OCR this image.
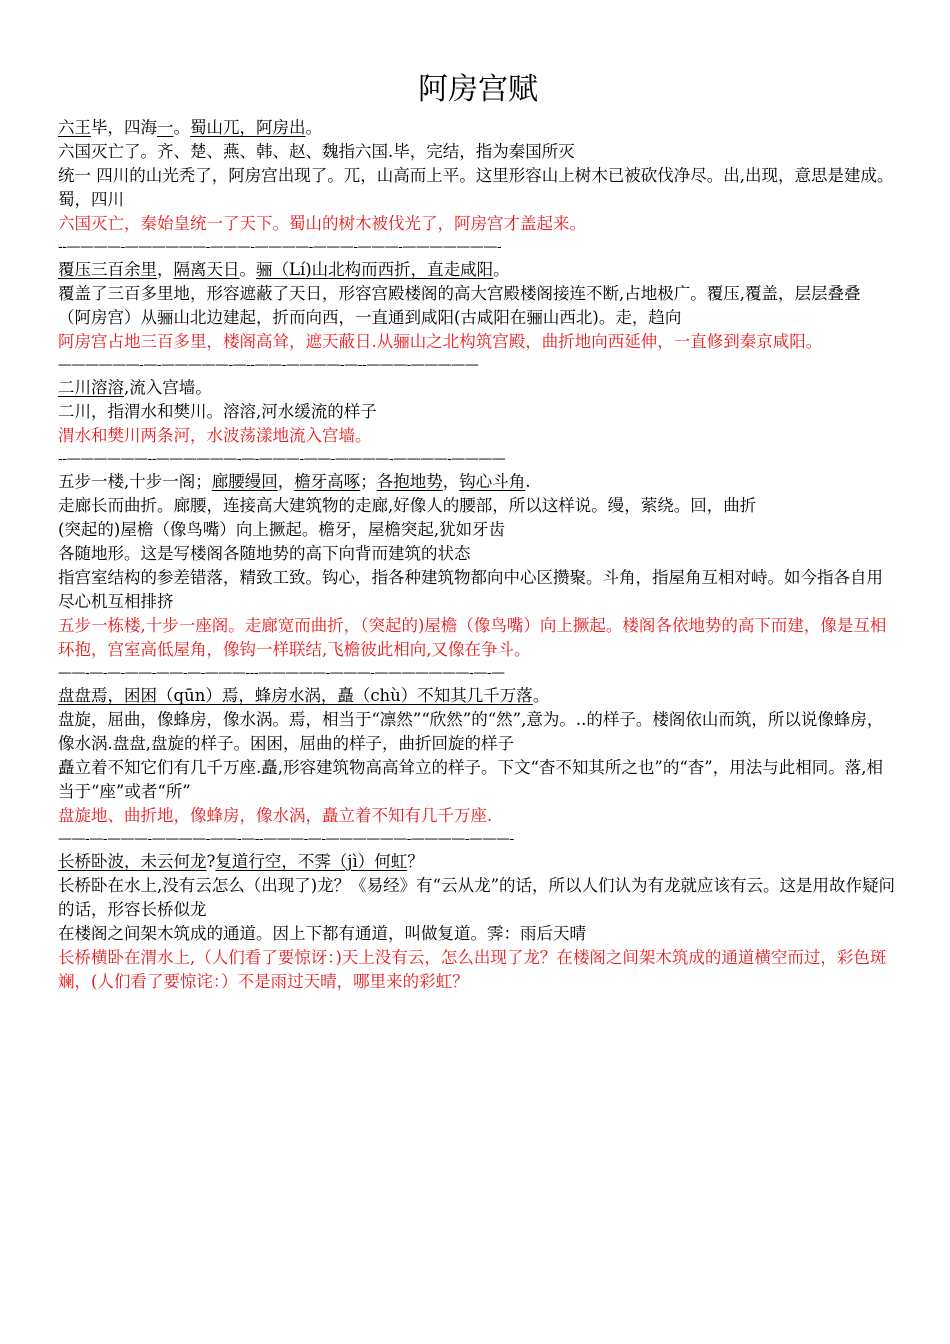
阿房宫赋
六王毕，四海一。蜀山兀，阿房出。
六国灭亡了。齐、楚、燕、韩、赵、魏指六国.毕，完结，指为秦国所灭
统一 四川的山光秃了，阿房宫出现了。兀，山高而上平。这里形容山上树木已被砍伐净尽。出,出现，意思是建成。蜀，四川
六国灭亡，秦始皇统一了天下。蜀山的树木被伐光了，阿房宫才盖起来。
--————-——————-———-————-———-———-———————-
覆压三百余里，隔离天日。骊（Lí)山北构而西折，直走咸阳。
覆盖了三百多里地，形容遮蔽了天日，形容宫殿楼阁的高大宫殿楼阁接连不断,占地极广。覆压,覆盖，层层叠叠
（阿房宫）从骊山北边建起，折而向西，一直通到咸阳(古咸阳在骊山西北)。走，趋向
阿房宫占地三百多里，楼阁高耸，遮天蔽日.从骊山之北构筑宫殿，曲折地向西延伸，一直修到秦京咸阳。
——————-—-—————-—--——-————-—--———-—————
二川溶溶,流入宫墙。
二川，指渭水和樊川。溶溶,河水缓流的样子
渭水和樊川两条河，水波荡漾地流入宫墙。
--——————--——————-—-———-——-————-————-————
五步一楼,十步一阁；廊腰缦回，檐牙高啄；各抱地势，钩心斗角.
走廊长而曲折。廊腰，连接高大建筑物的走廊,好像人的腰部，所以这样说。缦，萦绕。回，曲折
(突起的)屋檐（像鸟嘴）向上撅起。檐牙，屋檐突起,犹如牙齿
各随地形。这是写楼阁各随地势的高下向背而建筑的状态
指宫室结构的参差错落，精致工致。钩心，指各种建筑物都向中心区攒聚。斗角，指屋角互相对峙。如今指各自用尽心机互相排挤
五步一栋楼,十步一座阁。走廊宽而曲折，（突起的)屋檐（像鸟嘴）向上撅起。楼阁各依地势的高下而建，像是互相环抱，宫室高低屋角，像钩一样联结,飞檐彼此相向,又像在争斗。
——-—-—-——-——-—-———---—————-———-———————-—-—
盘盘焉，困困（qūn）焉，蜂房水涡，矗（chù）不知其几千万落。
盘旋，屈曲，像蜂房，像水涡。焉，相当于“凛然”“欣然”的“然”,意为。..的样子。楼阁依山而筑，所以说像蜂房，像水涡.盘盘,盘旋的样子。困困，屈曲的样子，曲折回旋的样子
矗立着不知它们有几千万座.矗,形容建筑物高高耸立的样子。下文“杳不知其所之也”的“杳”，用法与此相同。落,相当于“座”或者“所”
盘旋地、曲折地，像蜂房，像水涡，矗立着不知有几千万座.
——-—-———-————-——-—--———-—-——————-————-———-
长桥卧波，未云何龙?复道行空，不霁（jì）何虹？
长桥卧在水上,没有云怎么（出现了)龙？《易经》有“云从龙”的话，所以人们认为有龙就应该有云。这是用故作疑问的话，形容长桥似龙
在楼阁之间架木筑成的通道。因上下都有通道，叫做复道。霁：雨后天晴
长桥横卧在渭水上,（人们看了要惊讶：)天上没有云，怎么出现了龙？在楼阁之间架木筑成的通道横空而过，彩色斑斓，(人们看了要惊诧：）不是雨过天晴，哪里来的彩虹？
